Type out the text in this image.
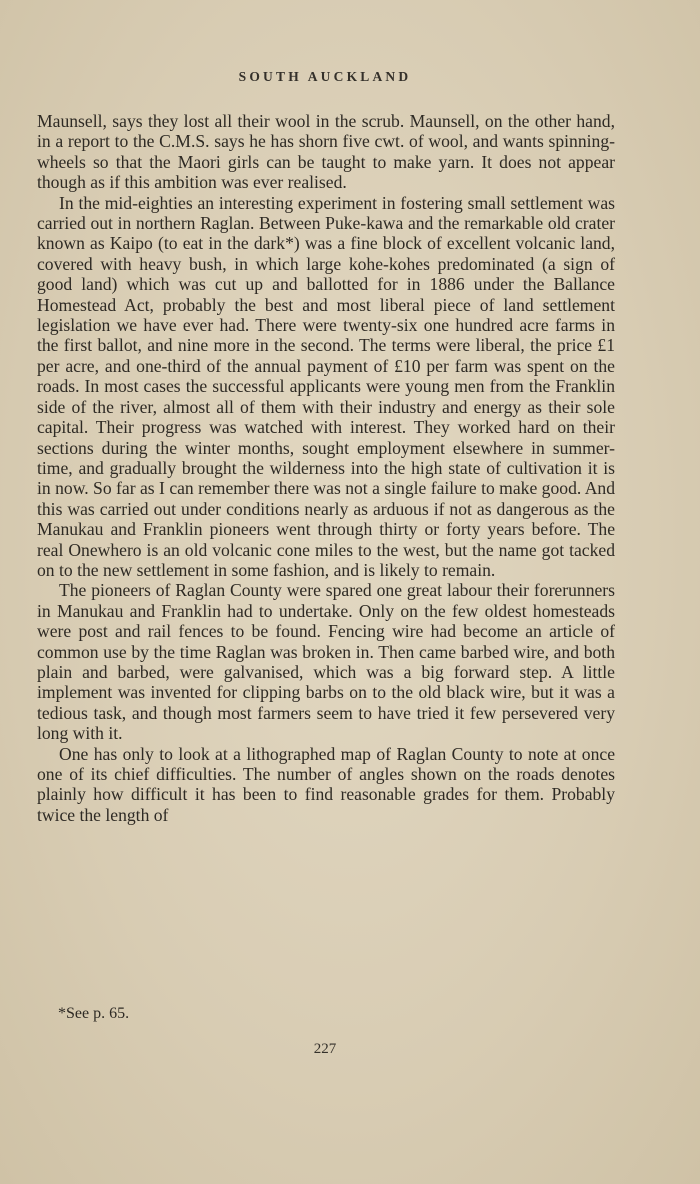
SOUTH AUCKLAND

Maunsell, says they lost all their wool in the scrub. Maunsell, on the other hand, in a report to the C.M.S. says he has shorn five cwt. of wool, and wants spinning-wheels so that the Maori girls can be taught to make yarn. It does not appear though as if this ambition was ever realised.

In the mid-eighties an interesting experiment in fostering small settlement was carried out in northern Raglan. Between Puke-kawa and the remarkable old crater known as Kaipo (to eat in the dark*) was a fine block of excellent volcanic land, covered with heavy bush, in which large kohe-kohes predominated (a sign of good land) which was cut up and ballotted for in 1886 under the Ballance Homestead Act, probably the best and most liberal piece of land settlement legislation we have ever had. There were twenty-six one hundred acre farms in the first ballot, and nine more in the second. The terms were liberal, the price £1 per acre, and one-third of the annual payment of £10 per farm was spent on the roads. In most cases the successful applicants were young men from the Franklin side of the river, almost all of them with their industry and energy as their sole capital. Their progress was watched with interest. They worked hard on their sections during the winter months, sought employment elsewhere in summer-time, and gradually brought the wilderness into the high state of cultivation it is in now. So far as I can remember there was not a single failure to make good. And this was carried out under conditions nearly as arduous if not as dangerous as the Manukau and Franklin pioneers went through thirty or forty years before. The real Onewhero is an old volcanic cone miles to the west, but the name got tacked on to the new settlement in some fashion, and is likely to remain.

The pioneers of Raglan County were spared one great labour their forerunners in Manukau and Franklin had to undertake. Only on the few oldest homesteads were post and rail fences to be found. Fencing wire had become an article of common use by the time Raglan was broken in. Then came barbed wire, and both plain and barbed, were galvanised, which was a big forward step. A little implement was invented for clipping barbs on to the old black wire, but it was a tedious task, and though most farmers seem to have tried it few persevered very long with it.

One has only to look at a lithographed map of Raglan County to note at once one of its chief difficulties. The number of angles shown on the roads denotes plainly how difficult it has been to find reasonable grades for them. Probably twice the length of

*See p. 65.
227
